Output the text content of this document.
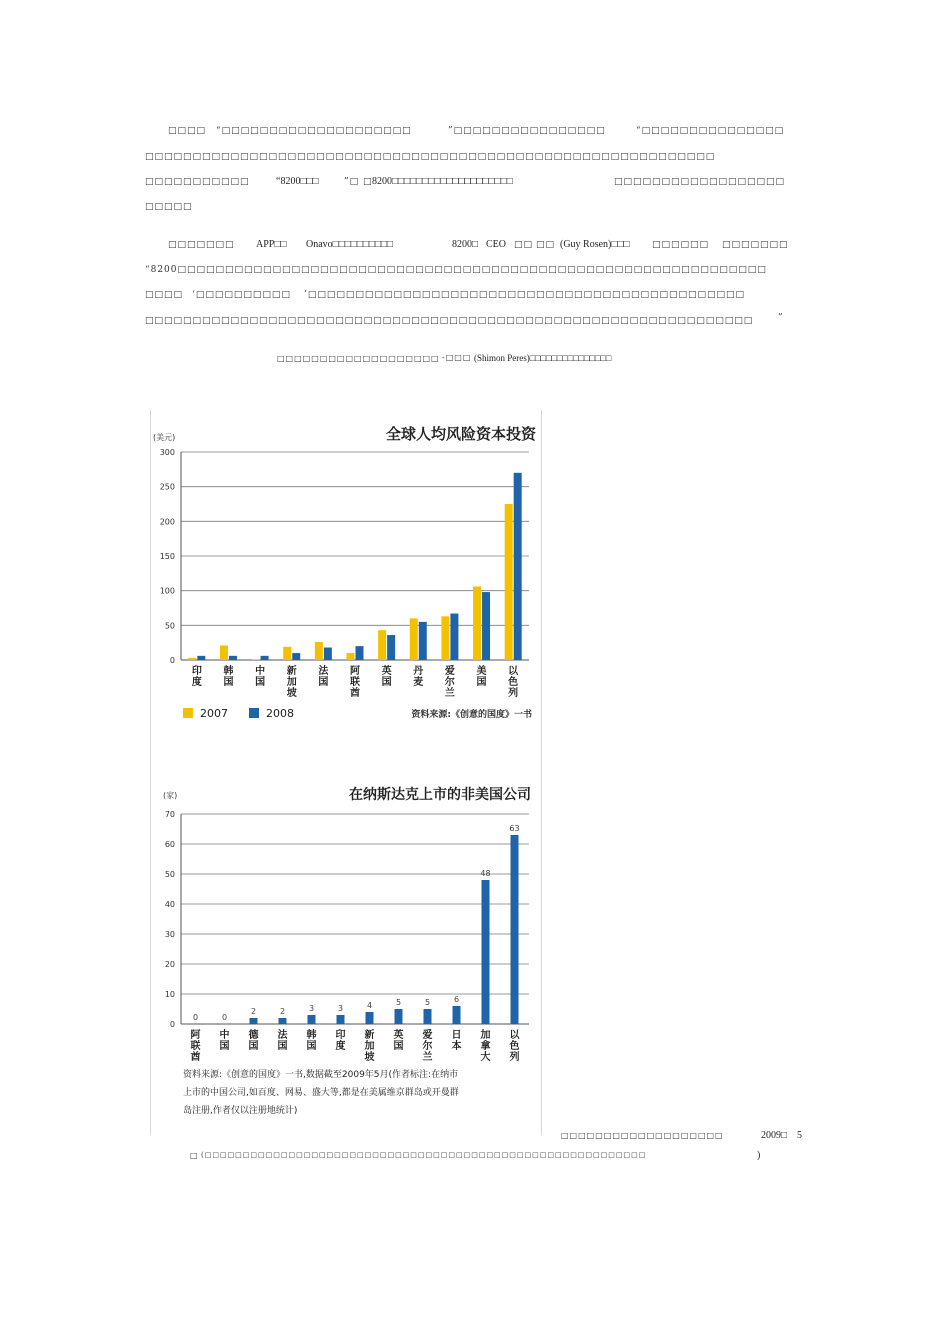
□□□□ “□□□□□□□□□□□□□□□□□□□□	”□□□□□□□□□□□□□□□□	“□□□□□□□□□□□□□□□
□□□□□□□□□□□□□□□□□□□□□□□□□□□□□□□□□□□□□□□□□□□□□□□□□□□□□□□□□□□□
□□□□□□□□□□□	“8200□□□	”□ □ 8200□□□□□□□□□□□□□□□□□□□□	□□□□□□□□□□□□□□□□□□
□□□□□
□□□□□□□ APP□□ Onavo□□□□□□□□□□	8200□ CEO □□ □□ (Guy Rosen)□□□ □□□□□□ □□□□□□□
“8200□□□□□□□□□□□□□□□□□□□□□□□□□□□□□□□□□□□□□□□□□□□□□□□□□□□□□□□□□□□□□□
□□□□ ‘□□□□□□□□□□ ’□□□□□□□□□□□□□□□□□□□□□□□□□□□□□□□□□□□□□□□□□□□□□□
□□□□□□□□□□□□□□□□□□□□□□□□□□□□□□□□□□□□□□□□□□□□□□□□□□□□□□□□□□□□□□□□	”
□□□□□□□□□□□□□□□□□□□ -□□□ (Shimon Peres)□□□□□□□□□□□□□□□
全球人均风险资本投资
(美元)
2007	2008	资料来源:《创意的国度》一书
在纳斯达克上市的非美国公司
(家)
资料来源:《创意的国度》一书,数据截至2009年5月(作者标注:在纳市
上市的中国公司,如百度、网易、盛大等,都是在美属维京群岛或开曼群
岛注册,作者仅以注册地统计)
0
50
100
150
200
250
300
印度
韩国
中国
新加坡
法国
阿联酋
英国
丹麦
爱尔兰
美国
以色列
0
10
20
30
40
50
60
70
阿联酋
0
中国
0
德国
2
法国
2
韩国
3
印度
3
新加坡
4
英国
5
爱尔兰
5
日本
6
加拿大
48
以色列
63
□□□□□□□□□□□□□□□□□□□	2009□ 5
□ (□□□□□□□□□□□□□□□□□□□□□□□□□□□□□□□□□□□□□□□□□□□□□□□□□□□□□□□□□□	)
